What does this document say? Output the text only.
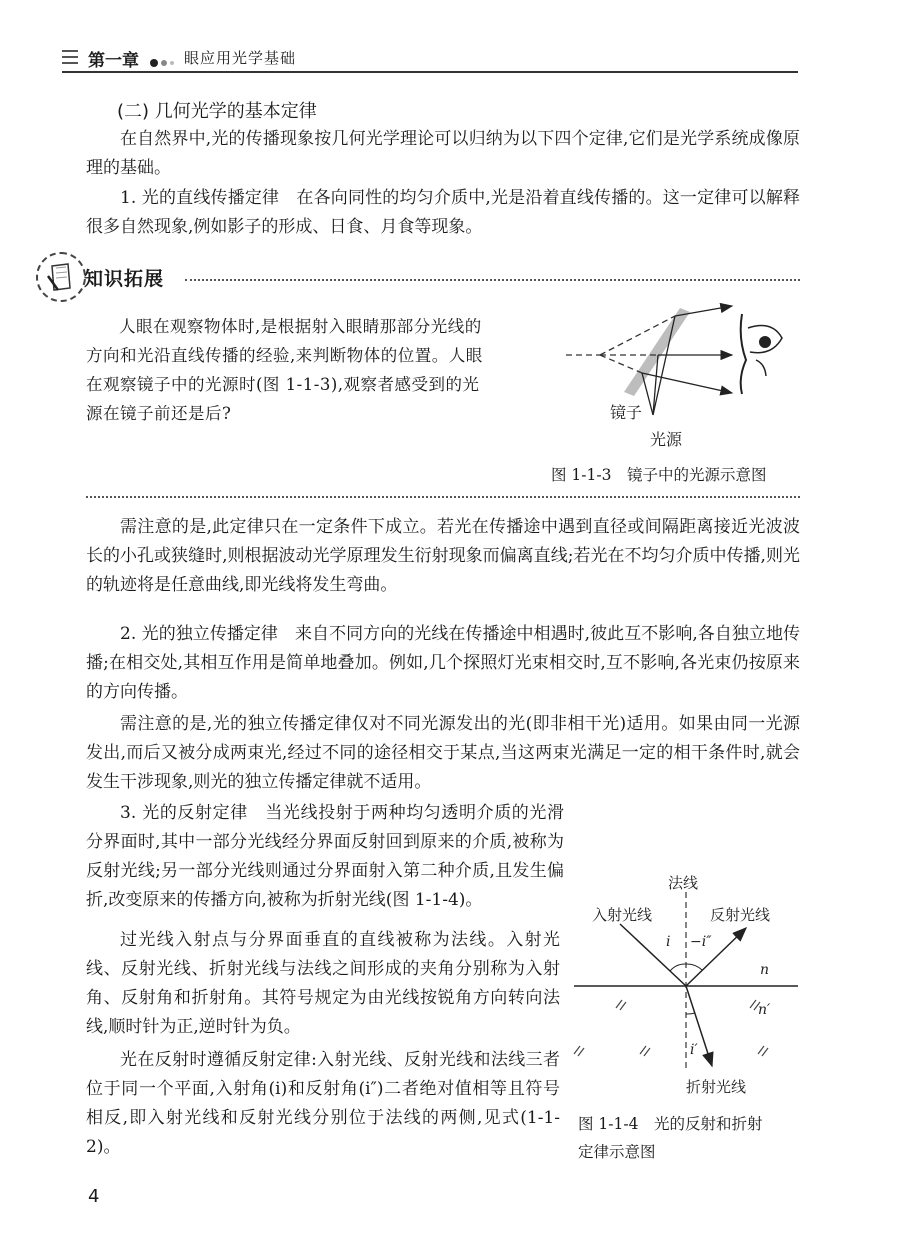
第一章	眼应用光学基础
(二) 几何光学的基本定律
在自然界中,光的传播现象按几何光学理论可以归纳为以下四个定律,它们是光学系统成像原理的基础。
1. 光的直线传播定律　在各向同性的均匀介质中,光是沿着直线传播的。这一定律可以解释很多自然现象,例如影子的形成、日食、月食等现象。
知识拓展
人眼在观察物体时,是根据射入眼睛那部分光线的方向和光沿直线传播的经验,来判断物体的位置。人眼在观察镜子中的光源时(图 1-1-3),观察者感受到的光源在镜子前还是后?	镜子
光源
图 1-1-3　镜子中的光源示意图
需注意的是,此定律只在一定条件下成立。若光在传播途中遇到直径或间隔距离接近光波波长的小孔或狭缝时,则根据波动光学原理发生衍射现象而偏离直线;若光在不均匀介质中传播,则光的轨迹将是任意曲线,即光线将发生弯曲。
2. 光的独立传播定律　来自不同方向的光线在传播途中相遇时,彼此互不影响,各自独立地传播;在相交处,其相互作用是简单地叠加。例如,几个探照灯光束相交时,互不影响,各光束仍按原来的方向传播。
需注意的是,光的独立传播定律仅对不同光源发出的光(即非相干光)适用。如果由同一光源发出,而后又被分成两束光,经过不同的途径相交于某点,当这两束光满足一定的相干条件时,就会发生干涉现象,则光的独立传播定律就不适用。
3. 光的反射定律　当光线投射于两种均匀透明介质的光滑分界面时,其中一部分光线经分界面反射回到原来的介质,被称为反射光线;另一部分光线则通过分界面射入第二种介质,且发生偏折,改变原来的传播方向,被称为折射光线(图 1-1-4)。
过光线入射点与分界面垂直的直线被称为法线。入射光线、反射光线、折射光线与法线之间形成的夹角分别称为入射角、反射角和折射角。其符号规定为由光线按锐角方向转向法线,顺时针为正,逆时针为负。
光在反射时遵循反射定律:入射光线、反射光线和法线三者位于同一个平面,入射角(i)和反射角(i″)二者绝对值相等且符号相反,即入射光线和反射光线分别位于法线的两侧,见式(1-1-2)。
法线
入射光线	反射光线
i −i″
n
n′
i′
折射光线
图 1-1-4　光的反射和折射
定律示意图
4
